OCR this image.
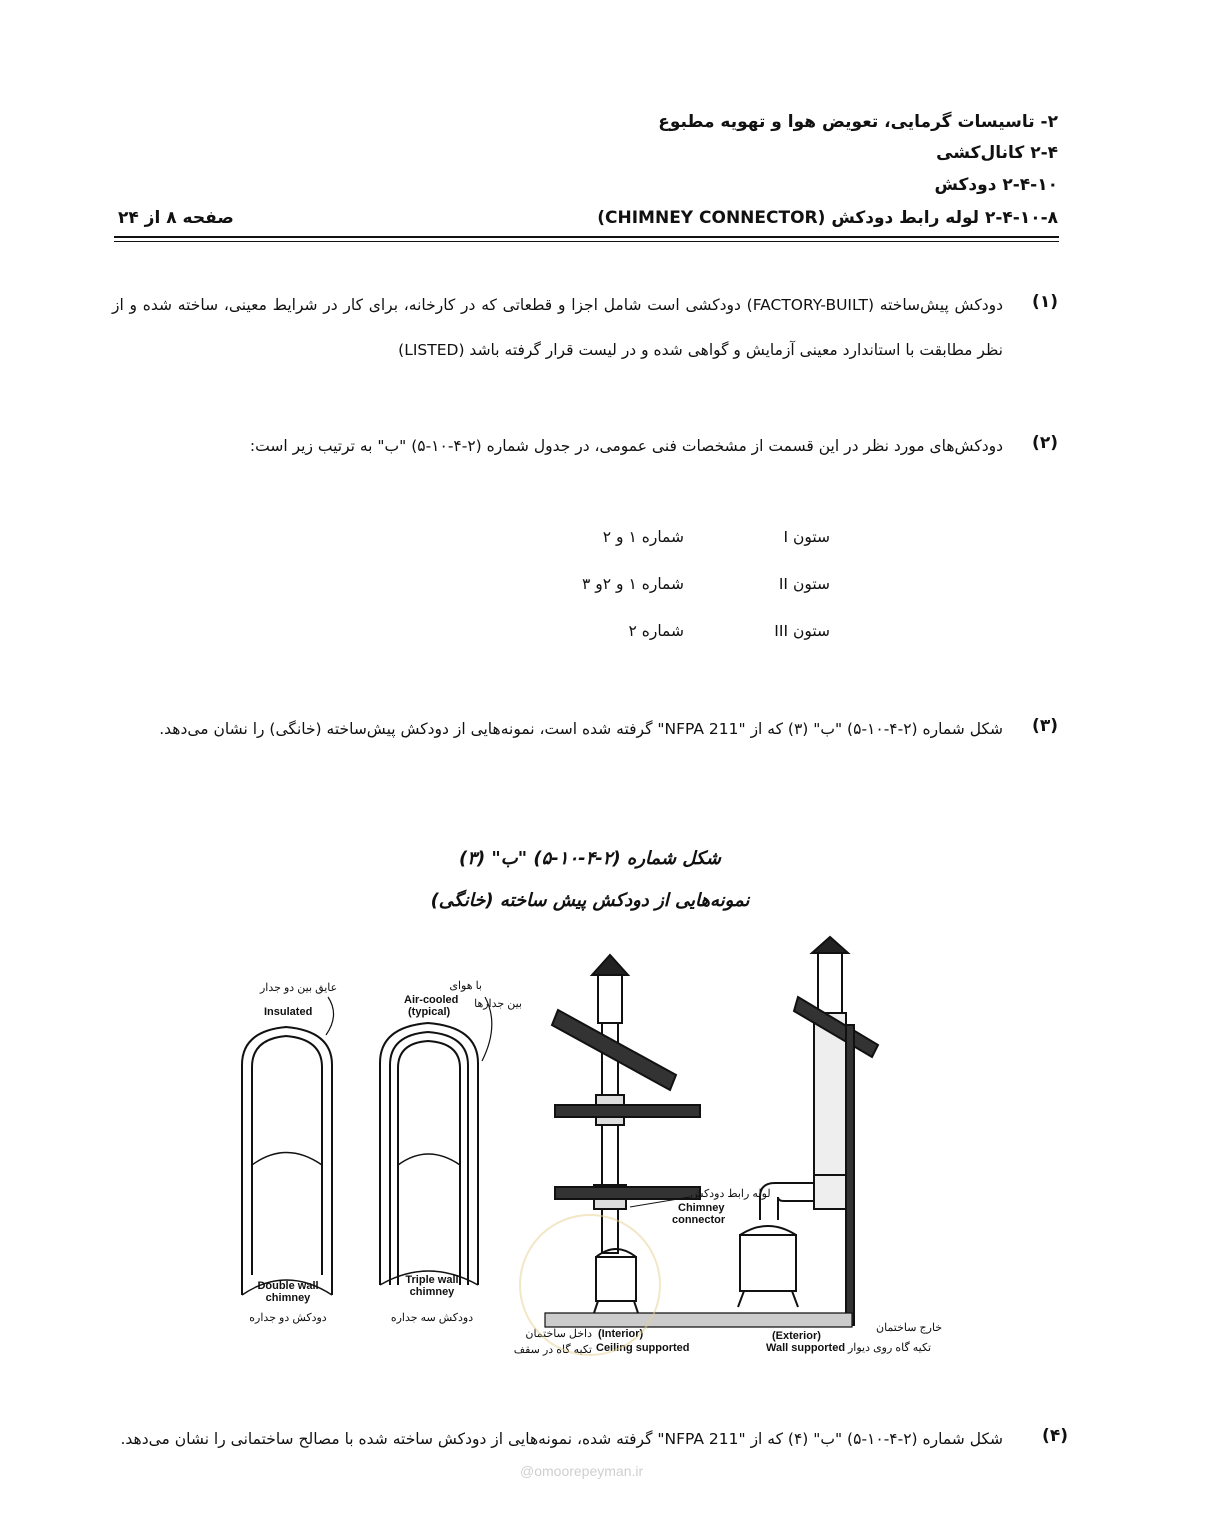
۲- تاسیسات گرمایی، تعویض هوا و تهویه مطبوع
۲-۴ کانال‌کشی
۲-۴-۱۰ دودکش
۲-۴-۱۰-۸ لوله رابط دودکش (CHIMNEY CONNECTOR)
صفحه ۸ از ۲۴
(۱)
دودکش پیش‌ساخته (FACTORY-BUILT) دودکشی است شامل اجزا و قطعاتی که در کارخانه، برای کار در شرایط معینی، ساخته شده و از نظر مطابقت با استاندارد معینی آزمایش و گواهی شده و در لیست قرار گرفته باشد (LISTED)
(۲)
دودکش‌های مورد نظر در این قسمت از مشخصات فنی عمومی، در جدول شماره (۲-۴-۱۰-۵) "ب" به ترتیب زیر است:
ستون I
شماره ۱ و ۲
ستون II
شماره ۱ و ۲و ۳
ستون III
شماره ۲
(۳)
شکل شماره (۲-۴-۱۰-۵) "ب" (۳) که از "NFPA 211" گرفته شده است، نمونه‌هایی از دودکش پیش‌ساخته (خانگی) را نشان می‌دهد.
شکل شماره (۲-۴-۱۰-۵) "ب" (۳)
نمونه‌هایی از دودکش پیش ساخته (خانگی)
عایق بین دو جدار
Insulated
با هوای
بین جدارها
Air-cooled
(typical)
Double wall
chimney
دودکش دو جداره
Triple wall
chimney
دودکش سه جداره
لوله رابط دودکش
Chimney
connector
داخل ساختمان (Interior)
Ceiling supported
تکیه گاه در سقف
خارج ساختمان
(Exterior)
Wall supported تکیه گاه روی دیوار
(۴)
شکل شماره (۲-۴-۱۰-۵) "ب" (۴) که از "NFPA 211" گرفته شده، نمونه‌هایی از دودکش ساخته شده با مصالح ساختمانی را نشان می‌دهد.
@omoorepeyman.ir
